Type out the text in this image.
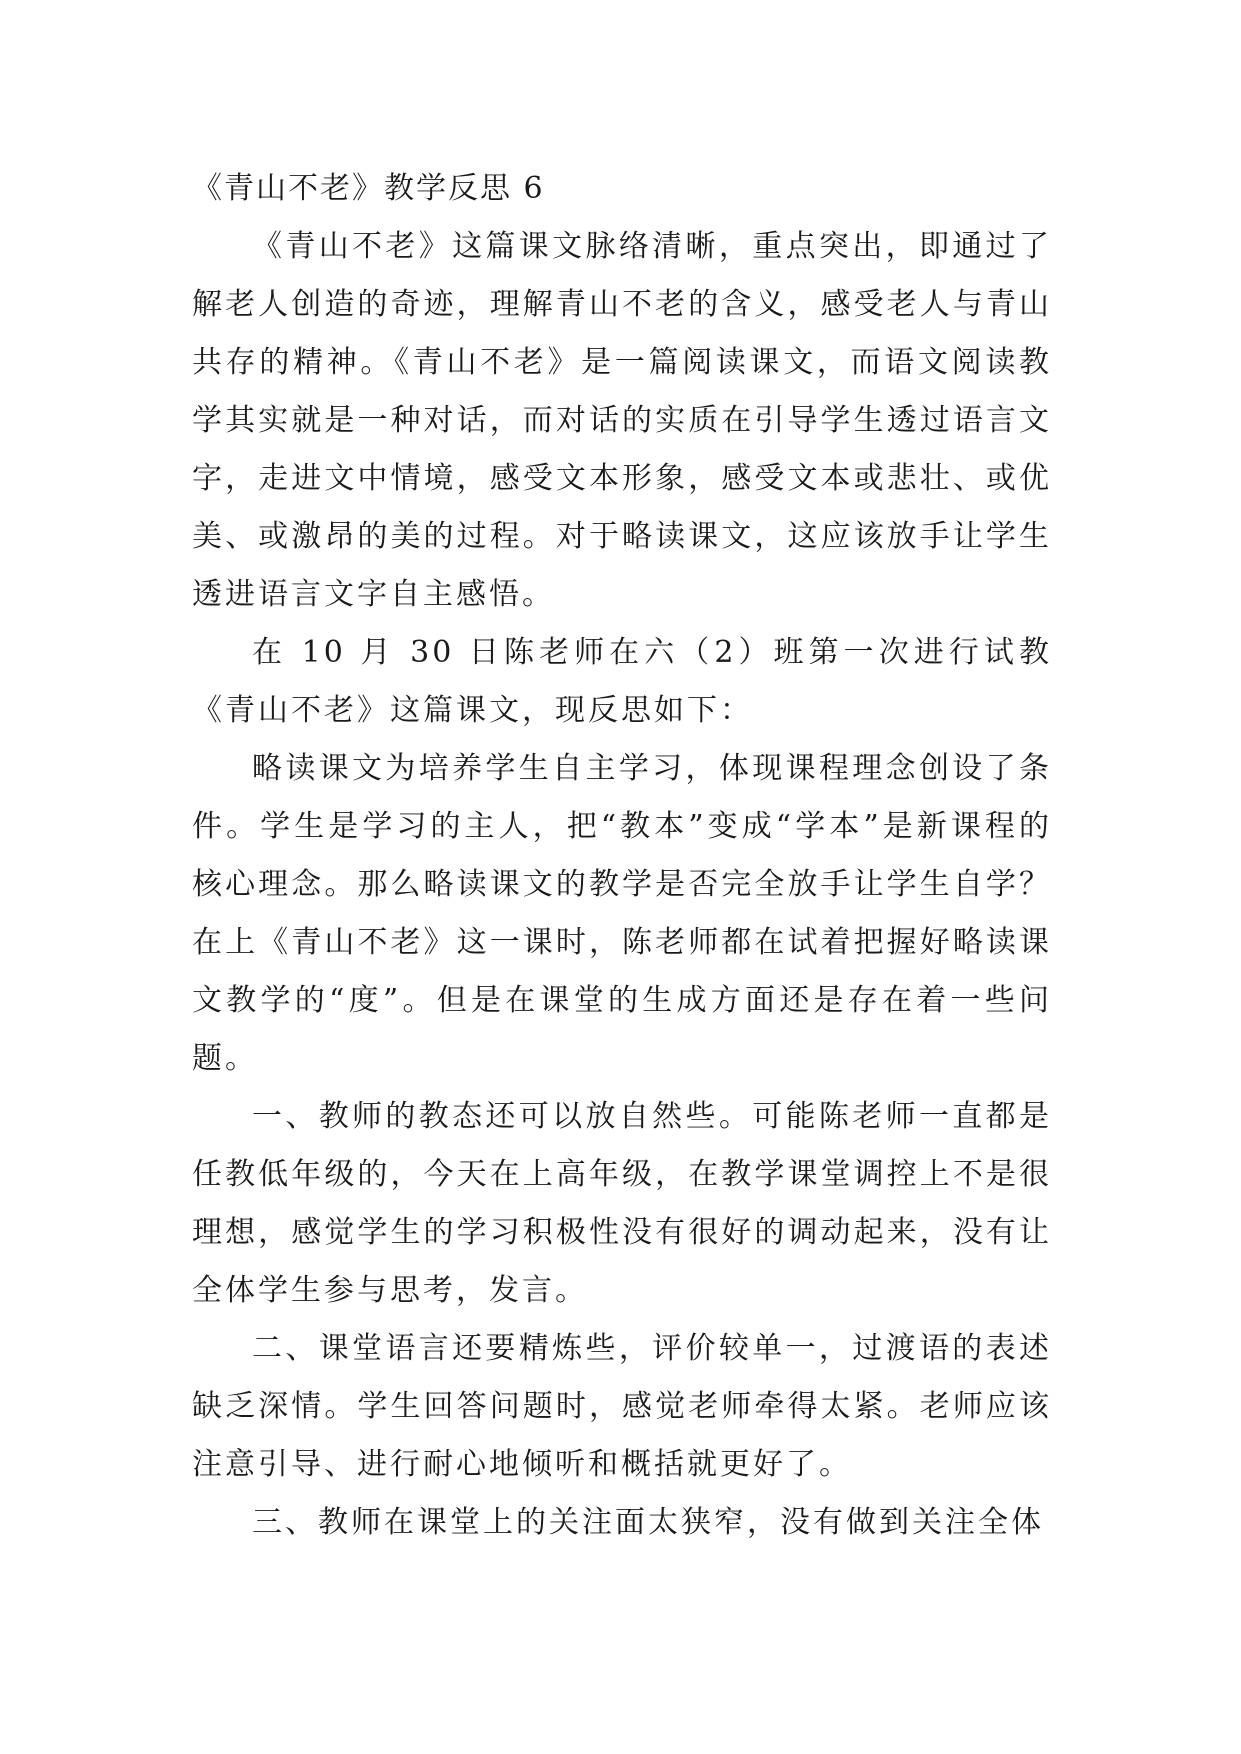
《青山不老》教学反思 6

《青山不老》这篇课文脉络清晰，重点突出，即通过了解老人创造的奇迹，理解青山不老的含义，感受老人与青山共存的精神。《青山不老》是一篇阅读课文，而语文阅读教学其实就是一种对话，而对话的实质在引导学生透过语言文字，走进文中情境，感受文本形象，感受文本或悲壮、或优美、或激昂的美的过程。对于略读课文，这应该放手让学生透进语言文字自主感悟。

在 10 月 30 日陈老师在六（2）班第一次进行试教《青山不老》这篇课文，现反思如下：

略读课文为培养学生自主学习，体现课程理念创设了条件。学生是学习的主人，把“教本”变成“学本”是新课程的核心理念。那么略读课文的教学是否完全放手让学生自学？在上《青山不老》这一课时，陈老师都在试着把握好略读课文教学的“度”。但是在课堂的生成方面还是存在着一些问题。

一、教师的教态还可以放自然些。可能陈老师一直都是任教低年级的，今天在上高年级，在教学课堂调控上不是很理想，感觉学生的学习积极性没有很好的调动起来，没有让全体学生参与思考，发言。

二、课堂语言还要精炼些，评价较单一，过渡语的表述缺乏深情。学生回答问题时，感觉老师牵得太紧。老师应该注意引导、进行耐心地倾听和概括就更好了。

三、教师在课堂上的关注面太狭窄，没有做到关注全体
